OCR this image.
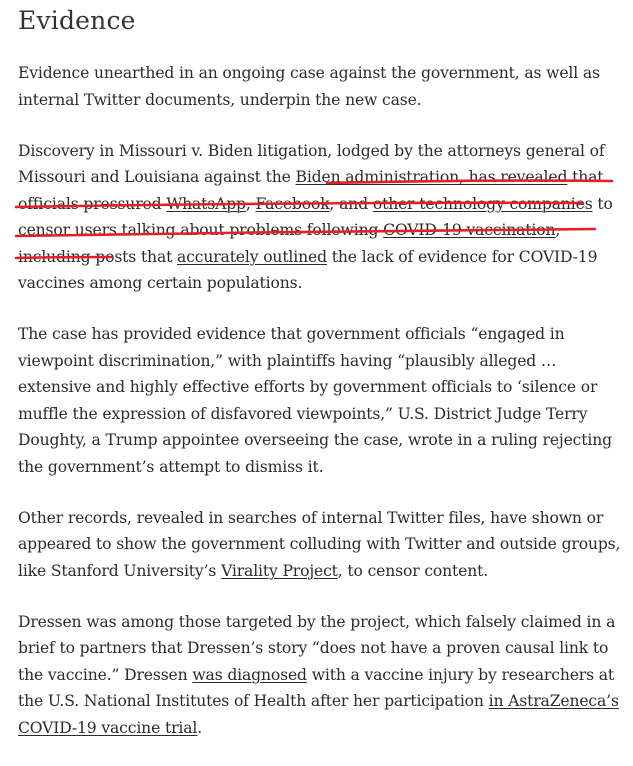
Evidence

Evidence unearthed in an ongoing case against the government, as well as internal Twitter documents, underpin the new case.

Discovery in Missouri v. Biden litigation, lodged by the attorneys general of Missouri and Louisiana against the Biden administration, has revealed that officials pressured WhatsApp, Facebook, and other technology companies to censor users talking about problems following COVID-19 vaccination, including posts that accurately outlined the lack of evidence for COVID-19 vaccines among certain populations.

The case has provided evidence that government officials “engaged in viewpoint discrimination,” with plaintiffs having “plausibly alleged … extensive and highly effective efforts by government officials to ‘silence or muffle the expression of disfavored viewpoints,” U.S. District Judge Terry Doughty, a Trump appointee overseeing the case, wrote in a ruling rejecting the government’s attempt to dismiss it.

Other records, revealed in searches of internal Twitter files, have shown or appeared to show the government colluding with Twitter and outside groups, like Stanford University’s Virality Project, to censor content.

Dressen was among those targeted by the project, which falsely claimed in a brief to partners that Dressen’s story “does not have a proven causal link to the vaccine.” Dressen was diagnosed with a vaccine injury by researchers at the U.S. National Institutes of Health after her participation in AstraZeneca’s COVID-19 vaccine trial.
